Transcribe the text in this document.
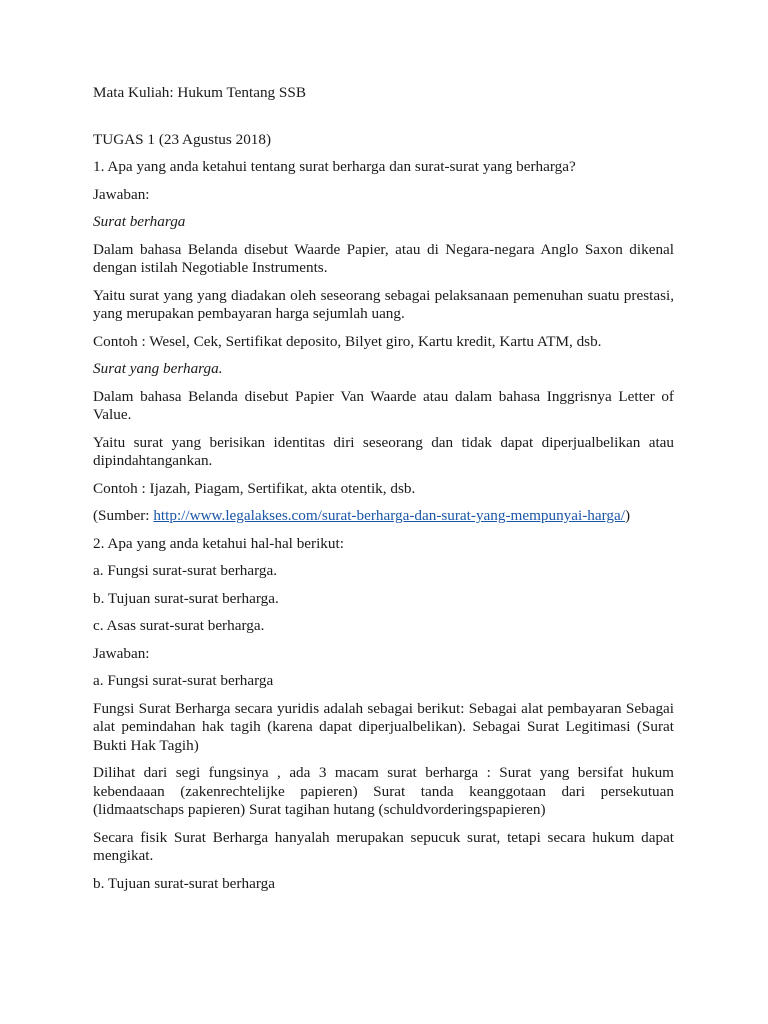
Mata Kuliah: Hukum Tentang SSB

TUGAS 1 (23 Agustus 2018)

1. Apa yang anda ketahui tentang surat berharga dan surat-surat yang berharga?

Jawaban:

Surat berharga

Dalam bahasa Belanda disebut Waarde Papier, atau di Negara-negara Anglo Saxon dikenal dengan istilah Negotiable Instruments.

Yaitu surat yang yang diadakan oleh seseorang sebagai pelaksanaan pemenuhan suatu prestasi, yang merupakan pembayaran harga sejumlah uang.

Contoh : Wesel, Cek, Sertifikat deposito, Bilyet giro, Kartu kredit, Kartu ATM, dsb.

Surat yang berharga.

Dalam bahasa Belanda disebut Papier Van Waarde atau dalam bahasa Inggrisnya Letter of Value.

Yaitu surat yang berisikan identitas diri seseorang dan tidak dapat diperjualbelikan atau dipindahtangankan.

Contoh : Ijazah, Piagam, Sertifikat, akta otentik, dsb.

(Sumber: http://www.legalakses.com/surat-berharga-dan-surat-yang-mempunyai-harga/)

2. Apa yang anda ketahui hal-hal berikut:

a. Fungsi surat-surat berharga.

b. Tujuan surat-surat berharga.

c. Asas surat-surat berharga.

Jawaban:

a. Fungsi surat-surat berharga

Fungsi Surat Berharga secara yuridis adalah sebagai berikut: Sebagai alat pembayaran Sebagai alat pemindahan hak tagih (karena dapat diperjualbelikan). Sebagai Surat Legitimasi (Surat Bukti Hak Tagih)

Dilihat dari segi fungsinya , ada 3 macam surat berharga : Surat yang bersifat hukum kebendaaan (zakenrechtelijke papieren) Surat tanda keanggotaan dari persekutuan (lidmaatschaps papieren) Surat tagihan hutang (schuldvorderingspapieren)

Secara fisik Surat Berharga hanyalah merupakan sepucuk surat, tetapi secara hukum dapat mengikat.

b. Tujuan surat-surat berharga
